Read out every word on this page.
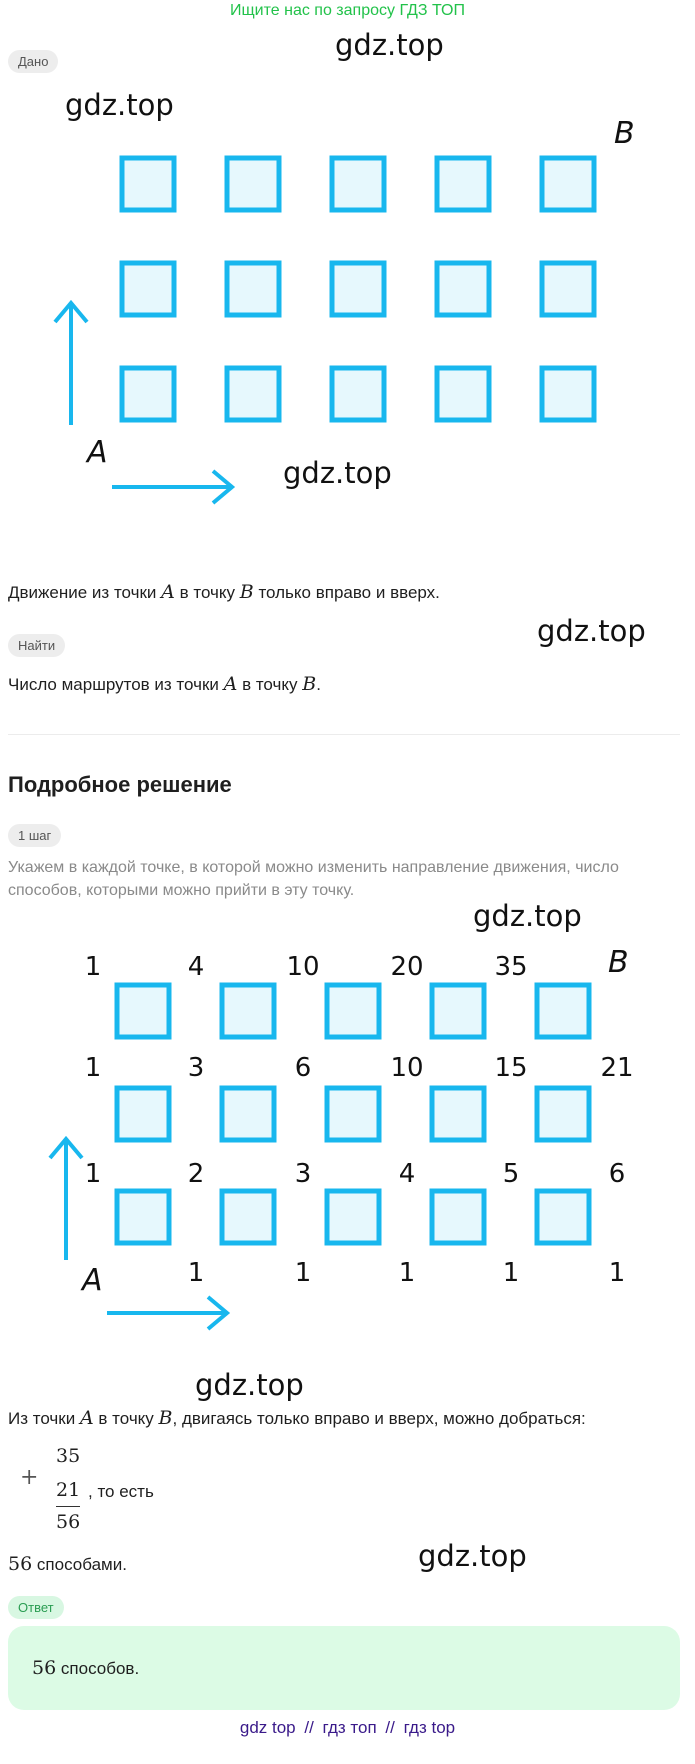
Ищите нас по запросу ГДЗ ТОП
gdz.top
gdz.top
gdz.top
gdz.top
gdz.top
gdz.top
gdz.top
Дано
A
B
Движение из точки A в точку B только вправо и вверх.
Найти
Число маршрутов из точки A в точку B.
Подробное решение
1 шаг
Укажем в каждой точке, в которой можно изменить направление движения, число способов, которыми можно прийти в эту точку.
1	4	10	20	35
1	3	6	10	15	21
1	2	3	4	5	6
1	1	1	1	1
A
B
Из точки A в точку B, двигаясь только вправо и вверх, можно добраться:
+
35
21
56
, то есть
56 способами.
Ответ
56 способов.
gdz top // гдз топ // гдз top
